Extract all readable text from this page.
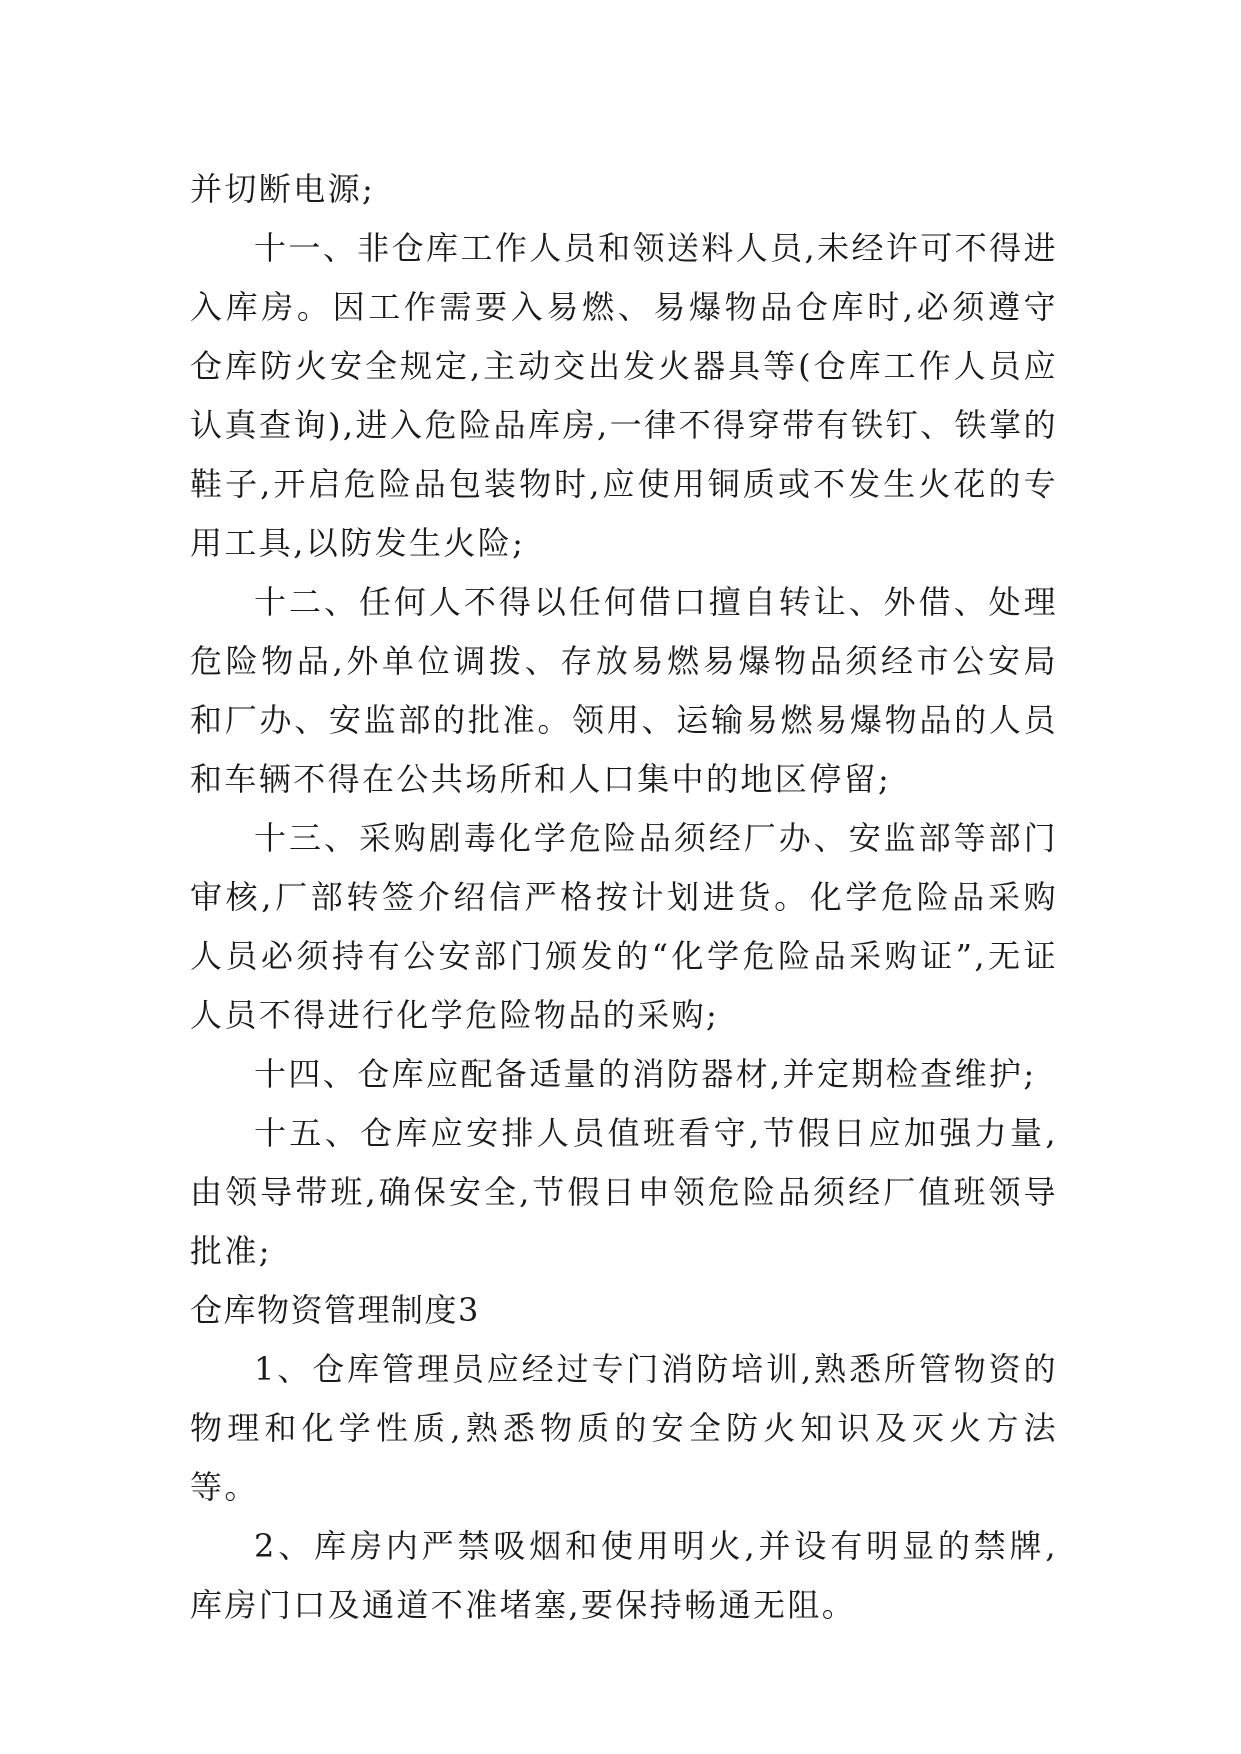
并切断电源;

十一、非仓库工作人员和领送料人员,未经许可不得进入库房。因工作需要入易燃、易爆物品仓库时,必须遵守仓库防火安全规定,主动交出发火器具等(仓库工作人员应认真查询),进入危险品库房,一律不得穿带有铁钉、铁掌的鞋子,开启危险品包装物时,应使用铜质或不发生火花的专用工具,以防发生火险;

十二、任何人不得以任何借口擅自转让、外借、处理危险物品,外单位调拨、存放易燃易爆物品须经市公安局和厂办、安监部的批准。领用、运输易燃易爆物品的人员和车辆不得在公共场所和人口集中的地区停留;

十三、采购剧毒化学危险品须经厂办、安监部等部门审核,厂部转签介绍信严格按计划进货。化学危险品采购人员必须持有公安部门颁发的“化学危险品采购证”,无证人员不得进行化学危险物品的采购;

十四、仓库应配备适量的消防器材,并定期检查维护;

十五、仓库应安排人员值班看守,节假日应加强力量,由领导带班,确保安全,节假日申领危险品须经厂值班领导批准;

仓库物资管理制度3

1、仓库管理员应经过专门消防培训,熟悉所管物资的物理和化学性质,熟悉物质的安全防火知识及灭火方法等。

2、库房内严禁吸烟和使用明火,并设有明显的禁牌,库房门口及通道不准堵塞,要保持畅通无阻。
